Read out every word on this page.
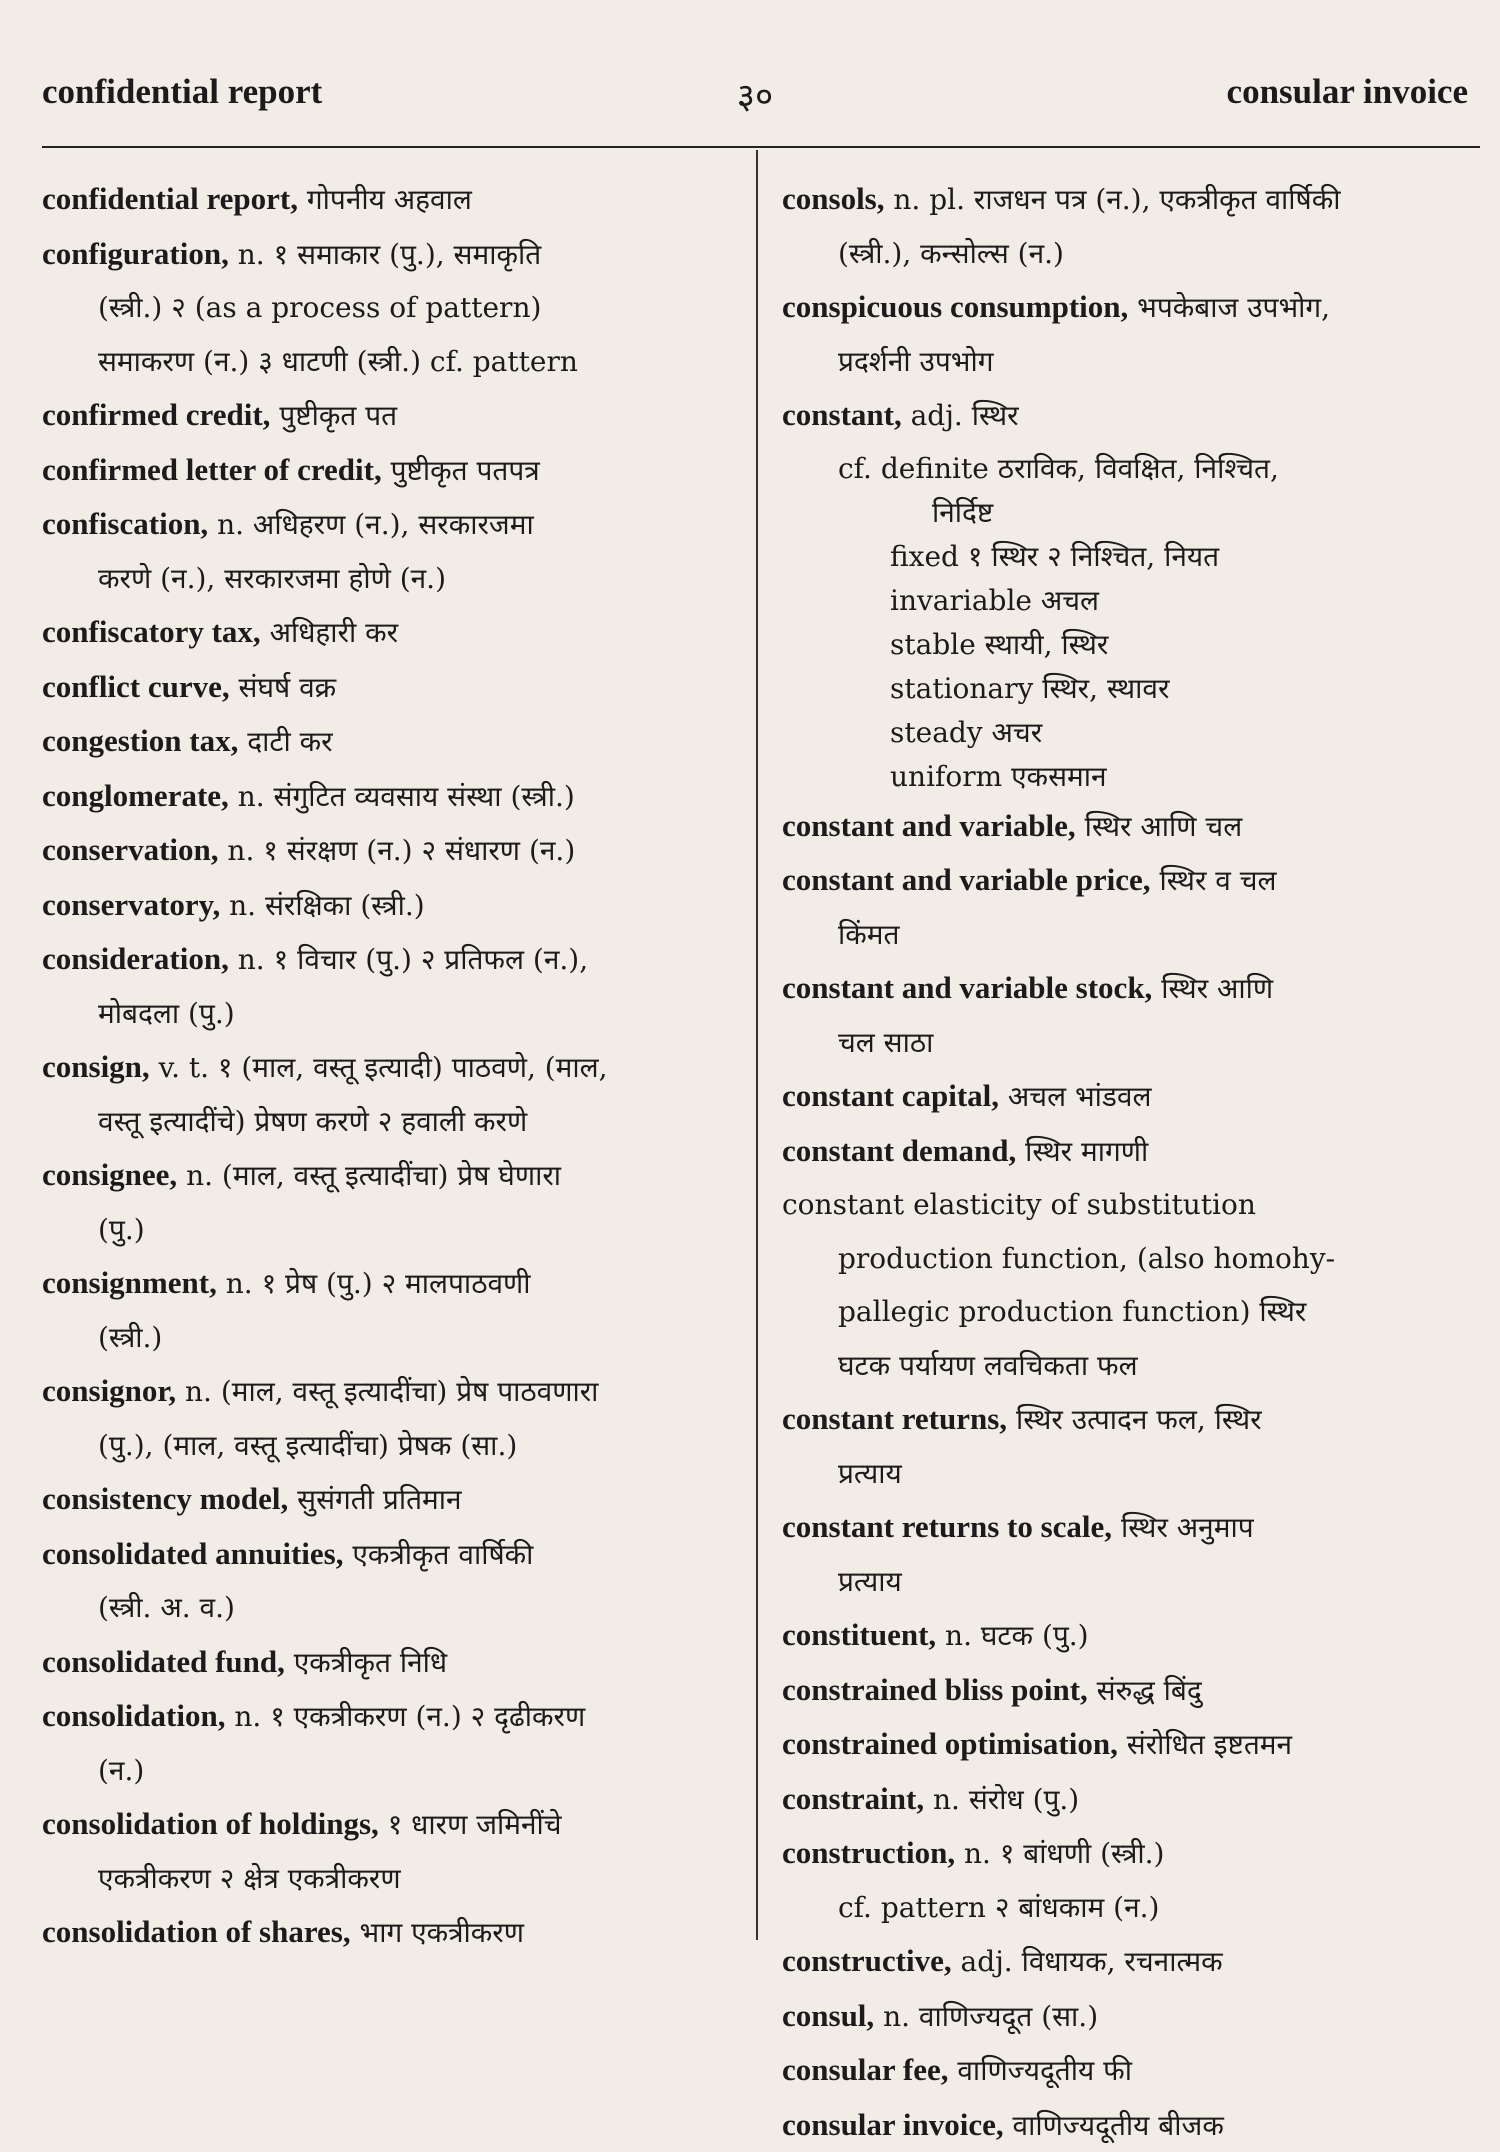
confidential report	३०	consular invoice
confidential report, गोपनीय अहवाल
configuration, n. १ समाकार (पु.), समाकृति
(स्त्री.) २ (as a process of pattern)
समाकरण (न.) ३ धाटणी (स्त्री.) cf. pattern
confirmed credit, पुष्टीकृत पत
confirmed letter of credit, पुष्टीकृत पतपत्र
confiscation, n. अधिहरण (न.), सरकारजमा
करणे (न.), सरकारजमा होणे (न.)
confiscatory tax, अधिहारी कर
conflict curve, संघर्ष वक्र
congestion tax, दाटी कर
conglomerate, n. संगुटित व्यवसाय संस्था (स्त्री.)
conservation, n. १ संरक्षण (न.) २ संधारण (न.)
conservatory, n. संरक्षिका (स्त्री.)
consideration, n. १ विचार (पु.) २ प्रतिफल (न.),
मोबदला (पु.)
consign, v. t. १ (माल, वस्तू इत्यादी) पाठवणे, (माल,
वस्तू इत्यादींचे) प्रेषण करणे २ हवाली करणे
consignee, n. (माल, वस्तू इत्यादींचा) प्रेष घेणारा
(पु.)
consignment, n. १ प्रेष (पु.) २ मालपाठवणी
(स्त्री.)
consignor, n. (माल, वस्तू इत्यादींचा) प्रेष पाठवणारा
(पु.), (माल, वस्तू इत्यादींचा) प्रेषक (सा.)
consistency model, सुसंगती प्रतिमान
consolidated annuities, एकत्रीकृत वार्षिकी
(स्त्री. अ. व.)
consolidated fund, एकत्रीकृत निधि
consolidation, n. १ एकत्रीकरण (न.) २ दृढीकरण
(न.)
consolidation of holdings, १ धारण जमिनींचे
एकत्रीकरण २ क्षेत्र एकत्रीकरण
consolidation of shares, भाग एकत्रीकरण
consols, n. pl. राजधन पत्र (न.), एकत्रीकृत वार्षिकी
(स्त्री.), कन्सोल्स (न.)
conspicuous consumption, भपकेबाज उपभोग,
प्रदर्शनी उपभोग
constant, adj. स्थिर
cf. definite ठराविक, विवक्षित, निश्चित,
निर्दिष्ट
fixed १ स्थिर २ निश्चित, नियत
invariable अचल
stable स्थायी, स्थिर
stationary स्थिर, स्थावर
steady अचर
uniform एकसमान
constant and variable, स्थिर आणि चल
constant and variable price, स्थिर व चल
किंमत
constant and variable stock, स्थिर आणि
चल साठा
constant capital, अचल भांडवल
constant demand, स्थिर मागणी
constant elasticity of substitution
production function, (also homohy-
pallegic production function) स्थिर
घटक पर्यायण लवचिकता फल
constant returns, स्थिर उत्पादन फल, स्थिर
प्रत्याय
constant returns to scale, स्थिर अनुमाप
प्रत्याय
constituent, n. घटक (पु.)
constrained bliss point, संरुद्ध बिंदु
constrained optimisation, संरोधित इष्टतमन
constraint, n. संरोध (पु.)
construction, n. १ बांधणी (स्त्री.)
cf. pattern २ बांधकाम (न.)
constructive, adj. विधायक, रचनात्मक
consul, n. वाणिज्यदूत (सा.)
consular fee, वाणिज्यदूतीय फी
consular invoice, वाणिज्यदूतीय बीजक
